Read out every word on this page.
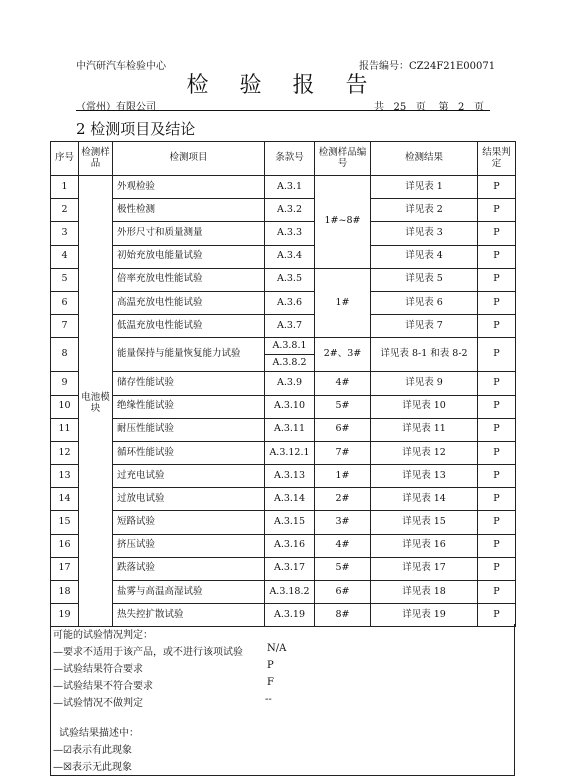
中汽研汽车检验中心	报告编号：CZ24F21E00071
检 验 报 告
（常州）有限公司	共   25   页    第   2   页
2 检测项目及结论
序号	检测样品	检测项目	条款号	检测样品编号	检测结果	结果判定
1	电池模块	外观检验	A.3.1	1#~8#	详见表 1	P
2		极性检测	A.3.2		详见表 2	P
3		外形尺寸和质量测量	A.3.3		详见表 3	P
4		初始充放电能量试验	A.3.4		详见表 4	P
5		倍率充放电性能试验	A.3.5	1#	详见表 5	P
6		高温充放电性能试验	A.3.6		详见表 6	P
7		低温充放电性能试验	A.3.7		详见表 7	P
8		能量保持与能量恢复能力试验	A.3.8.1	2#、3#	详见表 8-1 和表 8-2	P
			A.3.8.2			
9		储存性能试验	A.3.9	4#	详见表 9	P
10		绝缘性能试验	A.3.10	5#	详见表 10	P
11		耐压性能试验	A.3.11	6#	详见表 11	P
12		循环性能试验	A.3.12.1	7#	详见表 12	P
13		过充电试验	A.3.13	1#	详见表 13	P
14		过放电试验	A.3.14	2#	详见表 14	P
15		短路试验	A.3.15	3#	详见表 15	P
16		挤压试验	A.3.16	4#	详见表 16	P
17		跌落试验	A.3.17	5#	详见表 17	P
18		盐雾与高温高湿试验	A.3.18.2	6#	详见表 18	P
19		热失控扩散试验	A.3.19	8#	详见表 19	P
可能的试验情况判定：
—要求不适用于该产品，或不进行该项试验 N/A
—试验结果符合要求	P
—试验结果不符合要求	F
—试验情况不做判定	--
试验结果描述中：
—☑表示有此现象
—☒表示无此现象
